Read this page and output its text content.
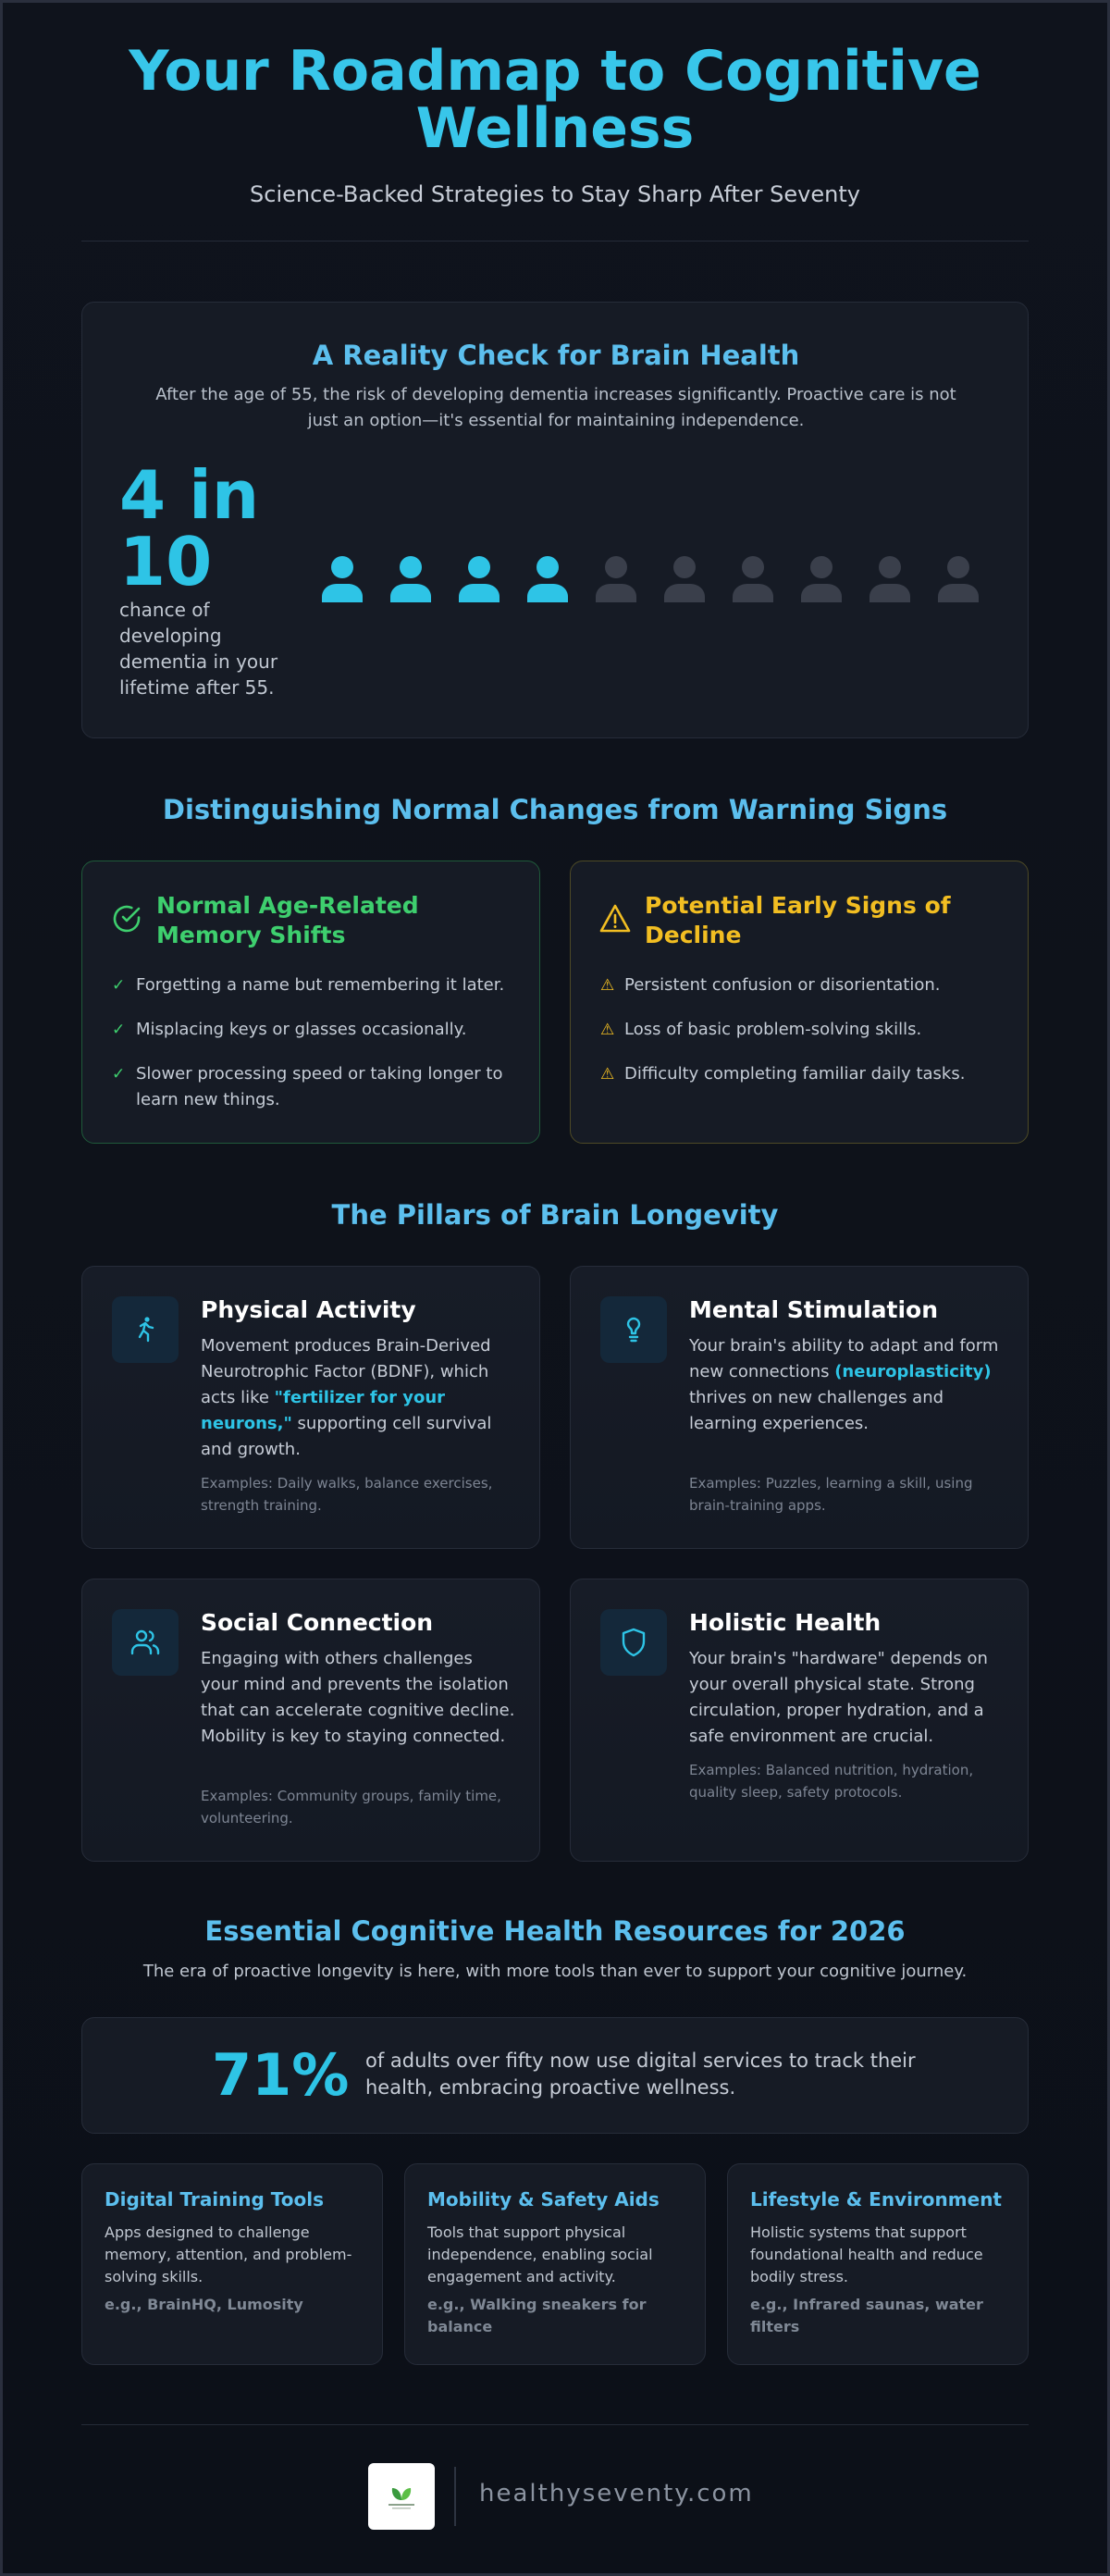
Your Roadmap to Cognitive Wellness
Science-Backed Strategies to Stay Sharp After Seventy
A Reality Check for Brain Health

After the age of 55, the risk of developing dementia increases significantly. Proactive care is not just an option—it's essential for maintaining independence.

4 in 10
chance of developing dementia in your lifetime after 55.
Distinguishing Normal Changes from Warning Signs
Normal Age-Related Memory Shifts
✓ Forgetting a name but remembering it later.
✓ Misplacing keys or glasses occasionally.
✓ Slower processing speed or taking longer to learn new things.
Potential Early Signs of Decline
⚠ Persistent confusion or disorientation.
⚠ Loss of basic problem-solving skills.
⚠ Difficulty completing familiar daily tasks.
The Pillars of Brain Longevity
Physical Activity

Movement produces Brain-Derived Neurotrophic Factor (BDNF), which acts like "fertilizer for your neurons," supporting cell survival and growth.

Examples: Daily walks, balance exercises, strength training.

Mental Stimulation

Your brain's ability to adapt and form new connections (neuroplasticity) thrives on new challenges and learning experiences.

Examples: Puzzles, learning a skill, using brain-training apps.

Social Connection

Engaging with others challenges your mind and prevents the isolation that can accelerate cognitive decline. Mobility is key to staying connected.

Examples: Community groups, family time, volunteering.

Holistic Health

Your brain's "hardware" depends on your overall physical state. Strong circulation, proper hydration, and a safe environment are crucial.

Examples: Balanced nutrition, hydration, quality sleep, safety protocols.

Essential Cognitive Health Resources for 2026

The era of proactive longevity is here, with more tools than ever to support your cognitive journey.

71% of adults over fifty now use digital services to track their health, embracing proactive wellness.

Digital Training Tools

Apps designed to challenge memory, attention, and problem-solving skills.

e.g., BrainHQ, Lumosity

Mobility & Safety Aids

Tools that support physical independence, enabling social engagement and activity.

e.g., Walking sneakers for balance

Lifestyle & Environment

Holistic systems that support foundational health and reduce bodily stress.

e.g., Infrared saunas, water filters

healthyseventy.com
